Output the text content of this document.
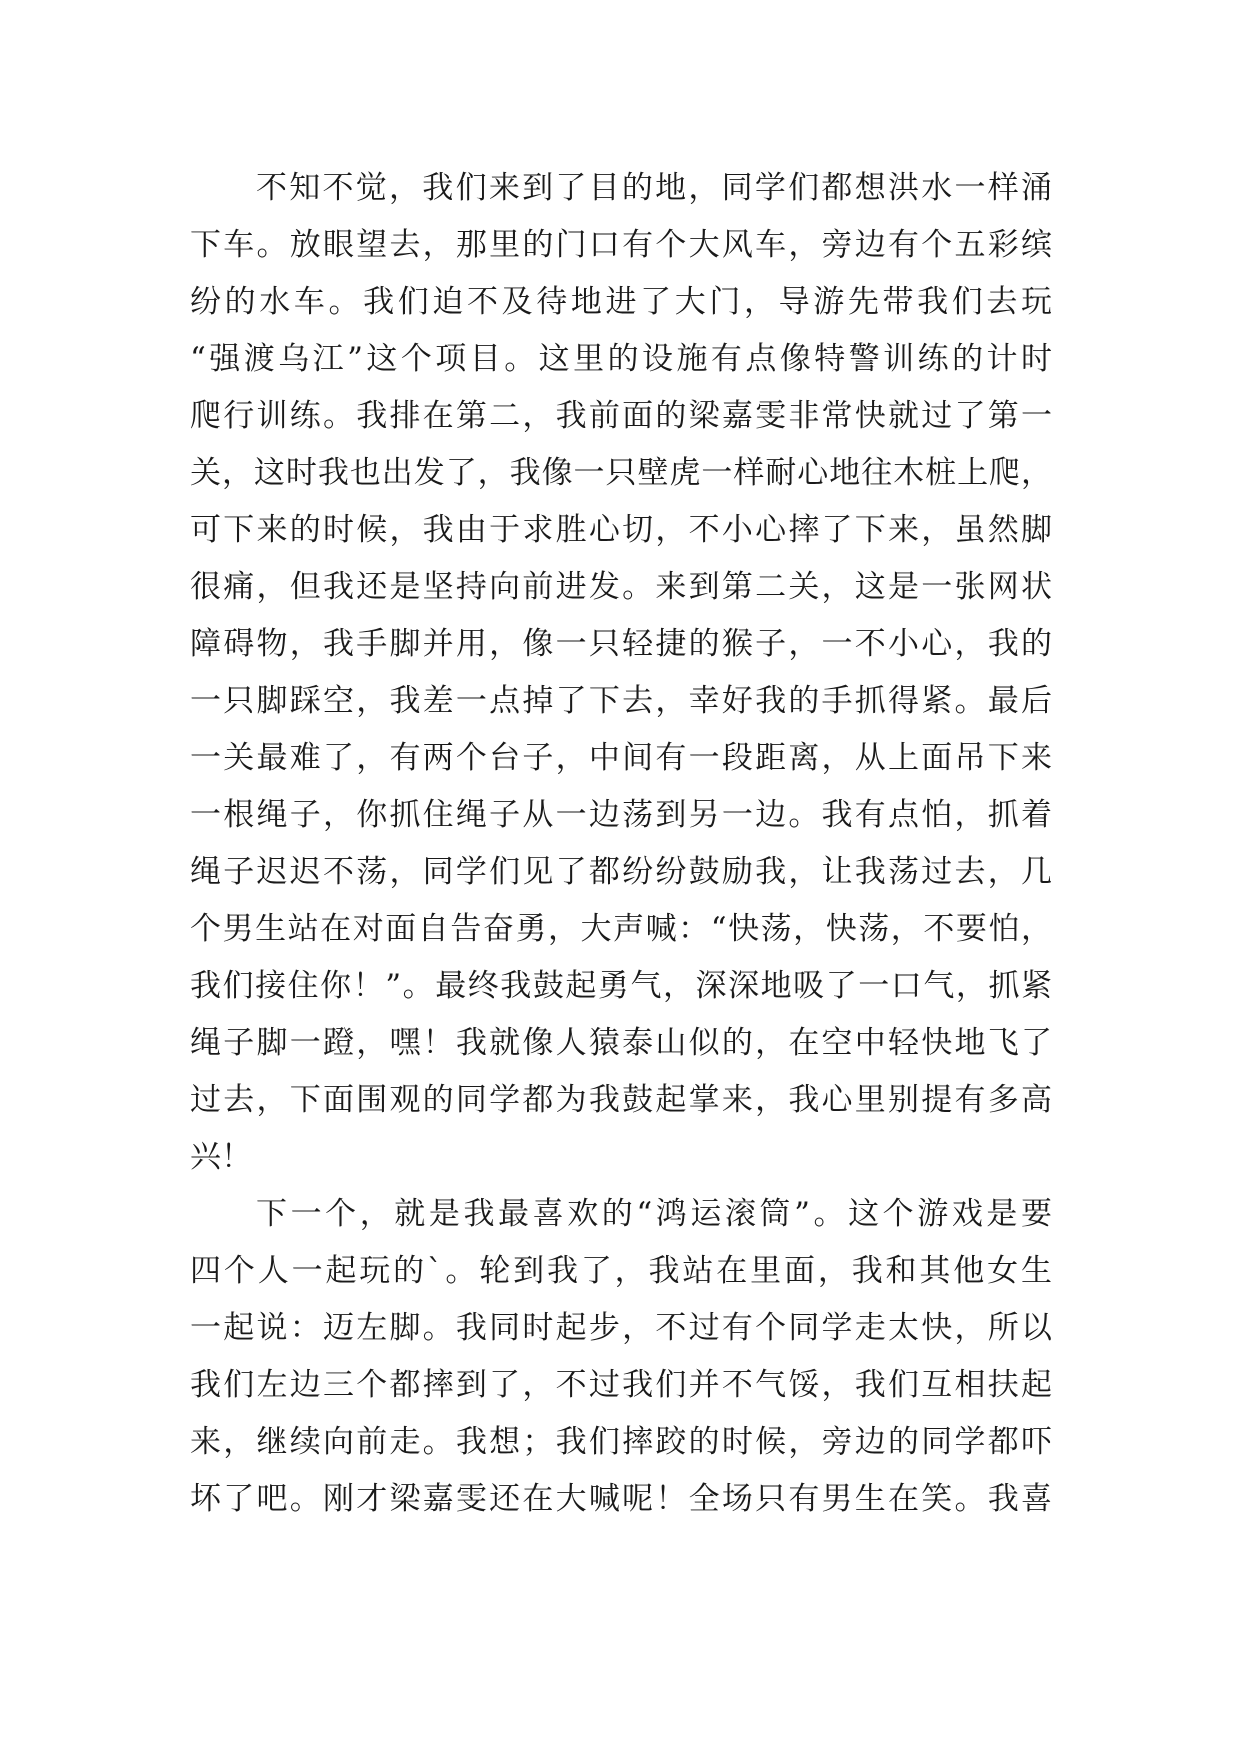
不知不觉，我们来到了目的地，同学们都想洪水一样涌
下车。放眼望去，那里的门口有个大风车，旁边有个五彩缤
纷的水车。我们迫不及待地进了大门，导游先带我们去玩
“强渡乌江”这个项目。这里的设施有点像特警训练的计时
爬行训练。我排在第二，我前面的梁嘉雯非常快就过了第一
关，这时我也出发了，我像一只壁虎一样耐心地往木桩上爬，
可下来的时候，我由于求胜心切，不小心摔了下来，虽然脚
很痛，但我还是坚持向前进发。来到第二关，这是一张网状
障碍物，我手脚并用，像一只轻捷的猴子，一不小心，我的
一只脚踩空，我差一点掉了下去，幸好我的手抓得紧。最后
一关最难了，有两个台子，中间有一段距离，从上面吊下来
一根绳子，你抓住绳子从一边荡到另一边。我有点怕，抓着
绳子迟迟不荡，同学们见了都纷纷鼓励我，让我荡过去，几
个男生站在对面自告奋勇，大声喊：“快荡，快荡，不要怕，
我们接住你！”。最终我鼓起勇气，深深地吸了一口气，抓紧
绳子脚一蹬，嘿！我就像人猿泰山似的，在空中轻快地飞了
过去，下面围观的同学都为我鼓起掌来，我心里别提有多高
兴！
下一个，就是我最喜欢的“鸿运滚筒”。这个游戏是要
四个人一起玩的`。轮到我了，我站在里面，我和其他女生
一起说：迈左脚。我同时起步，不过有个同学走太快，所以
我们左边三个都摔到了，不过我们并不气馁，我们互相扶起
来，继续向前走。我想；我们摔跤的时候，旁边的同学都吓
坏了吧。刚才梁嘉雯还在大喊呢！全场只有男生在笑。我喜
